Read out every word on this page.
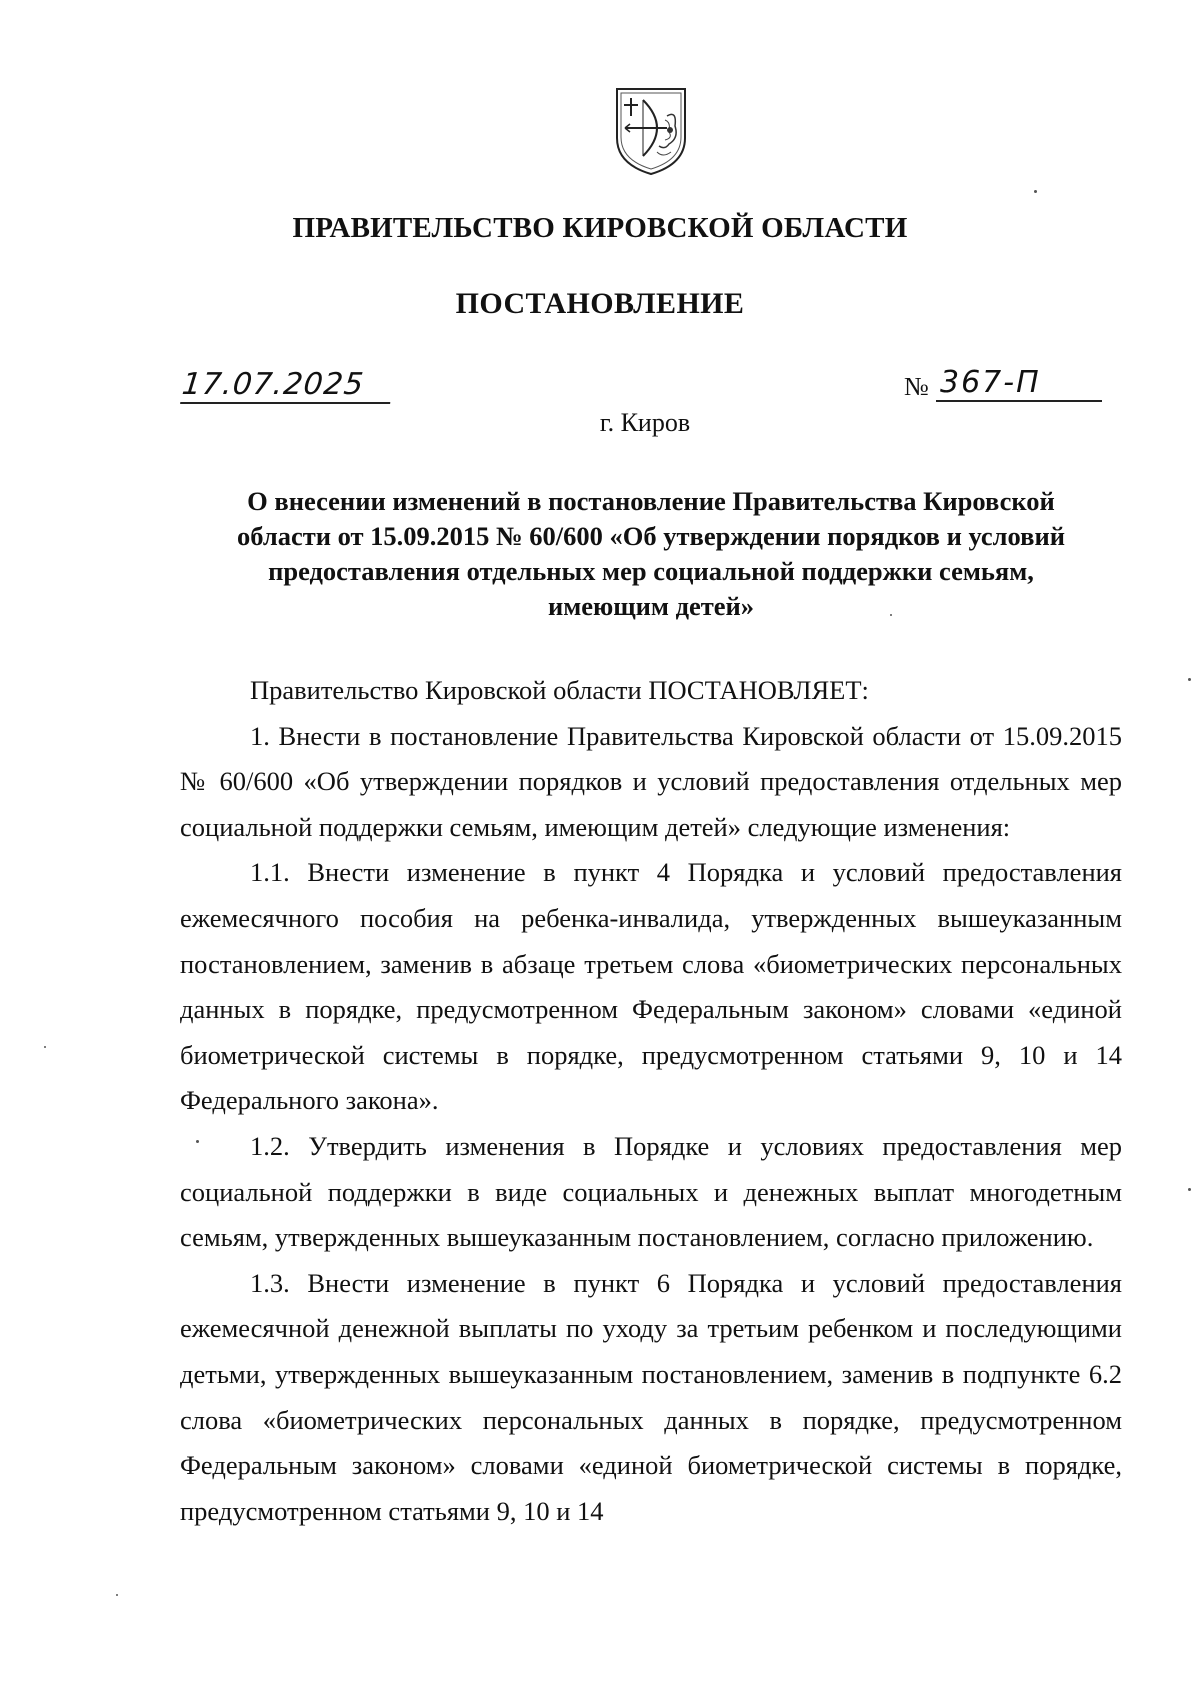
ПРАВИТЕЛЬСТВО КИРОВСКОЙ ОБЛАСТИ
ПОСТАНОВЛЕНИЕ
17.07.2025	№ 367-П
г. Киров
О внесении изменений в постановление Правительства Кировской
области от 15.09.2015 № 60/600 «Об утверждении порядков и условий
предоставления отдельных мер социальной поддержки семьям,
имеющим детей»

Правительство Кировской области ПОСТАНОВЛЯЕТ:

1. Внести в постановление Правительства Кировской области от 15.09.2015 № 60/600 «Об утверждении порядков и условий предоставления отдельных мер социальной поддержки семьям, имеющим детей» следующие изменения:

1.1. Внести изменение в пункт 4 Порядка и условий предоставления ежемесячного пособия на ребенка-инвалида, утвержденных вышеуказанным постановлением, заменив в абзаце третьем слова «биометрических персональных данных в порядке, предусмотренном Федеральным законом» словами «единой биометрической системы в порядке, предусмотренном статьями 9, 10 и 14 Федерального закона».

1.2. Утвердить изменения в Порядке и условиях предоставления мер социальной поддержки в виде социальных и денежных выплат многодетным семьям, утвержденных вышеуказанным постановлением, согласно приложению.

1.3. Внести изменение в пункт 6 Порядка и условий предоставления ежемесячной денежной выплаты по уходу за третьим ребенком и последующими детьми, утвержденных вышеуказанным постановлением, заменив в подпункте 6.2 слова «биометрических персональных данных в порядке, предусмотренном Федеральным законом» словами «единой биометрической системы в порядке, предусмотренном статьями 9, 10 и 14
